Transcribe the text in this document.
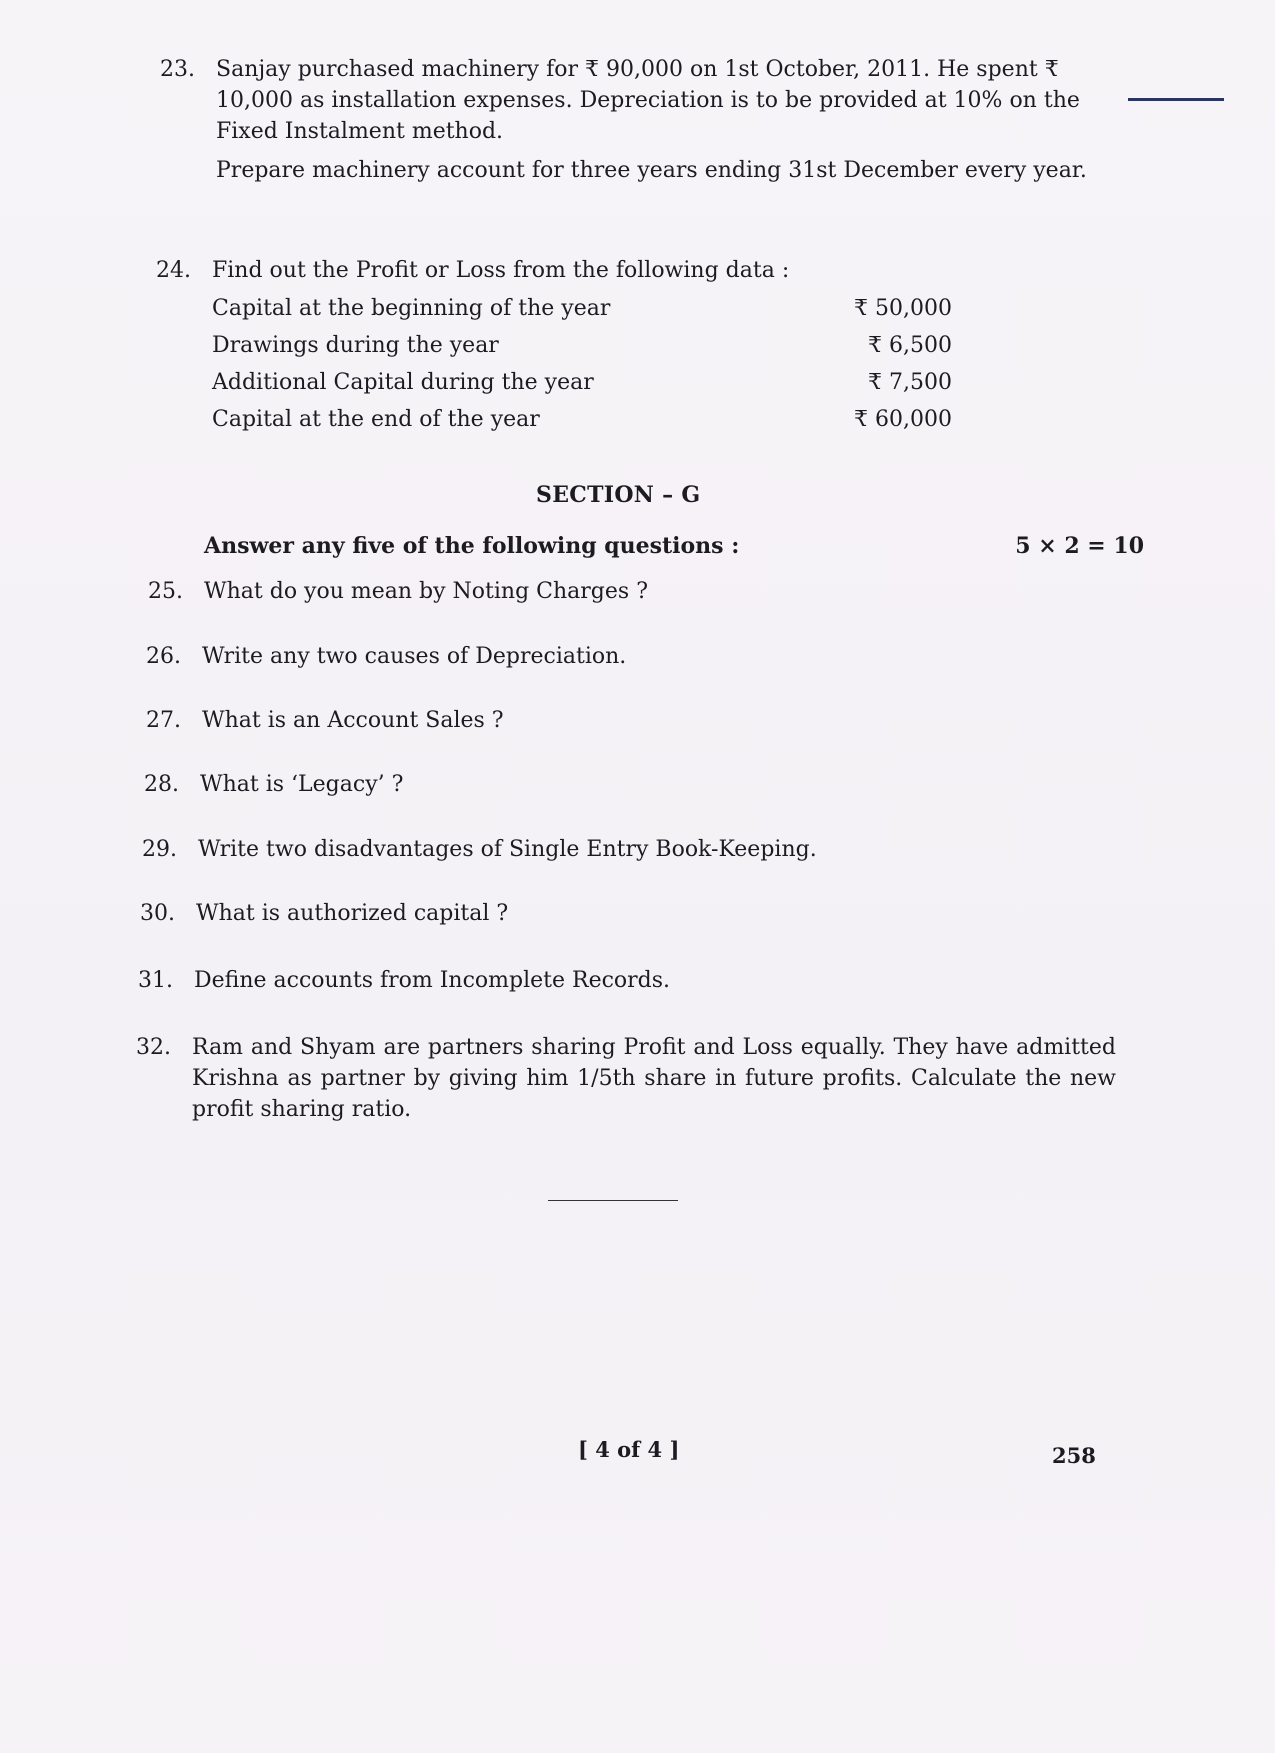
23. Sanjay purchased machinery for ₹ 90,000 on 1st October, 2011. He spent ₹ 10,000 as installation expenses. Depreciation is to be provided at 10% on the Fixed Instalment method.

Prepare machinery account for three years ending 31st December every year.

24. Find out the Profit or Loss from the following data :

Capital at the beginning of the year	₹ 50,000
Drawings during the year	₹ 6,500
Additional Capital during the year	₹ 7,500
Capital at the end of the year	₹ 60,000
SECTION – G
Answer any five of the following questions :	5 × 2 = 10
25. What do you mean by Noting Charges ?

26. Write any two causes of Depreciation.

27. What is an Account Sales ?

28. What is ‘Legacy’ ?

29. Write two disadvantages of Single Entry Book-Keeping.

30. What is authorized capital ?

31. Define accounts from Incomplete Records.

32. Ram and Shyam are partners sharing Profit and Loss equally. They have admitted Krishna as partner by giving him 1/5th share in future profits. Calculate the new profit sharing ratio.

[ 4 of 4 ]	258
